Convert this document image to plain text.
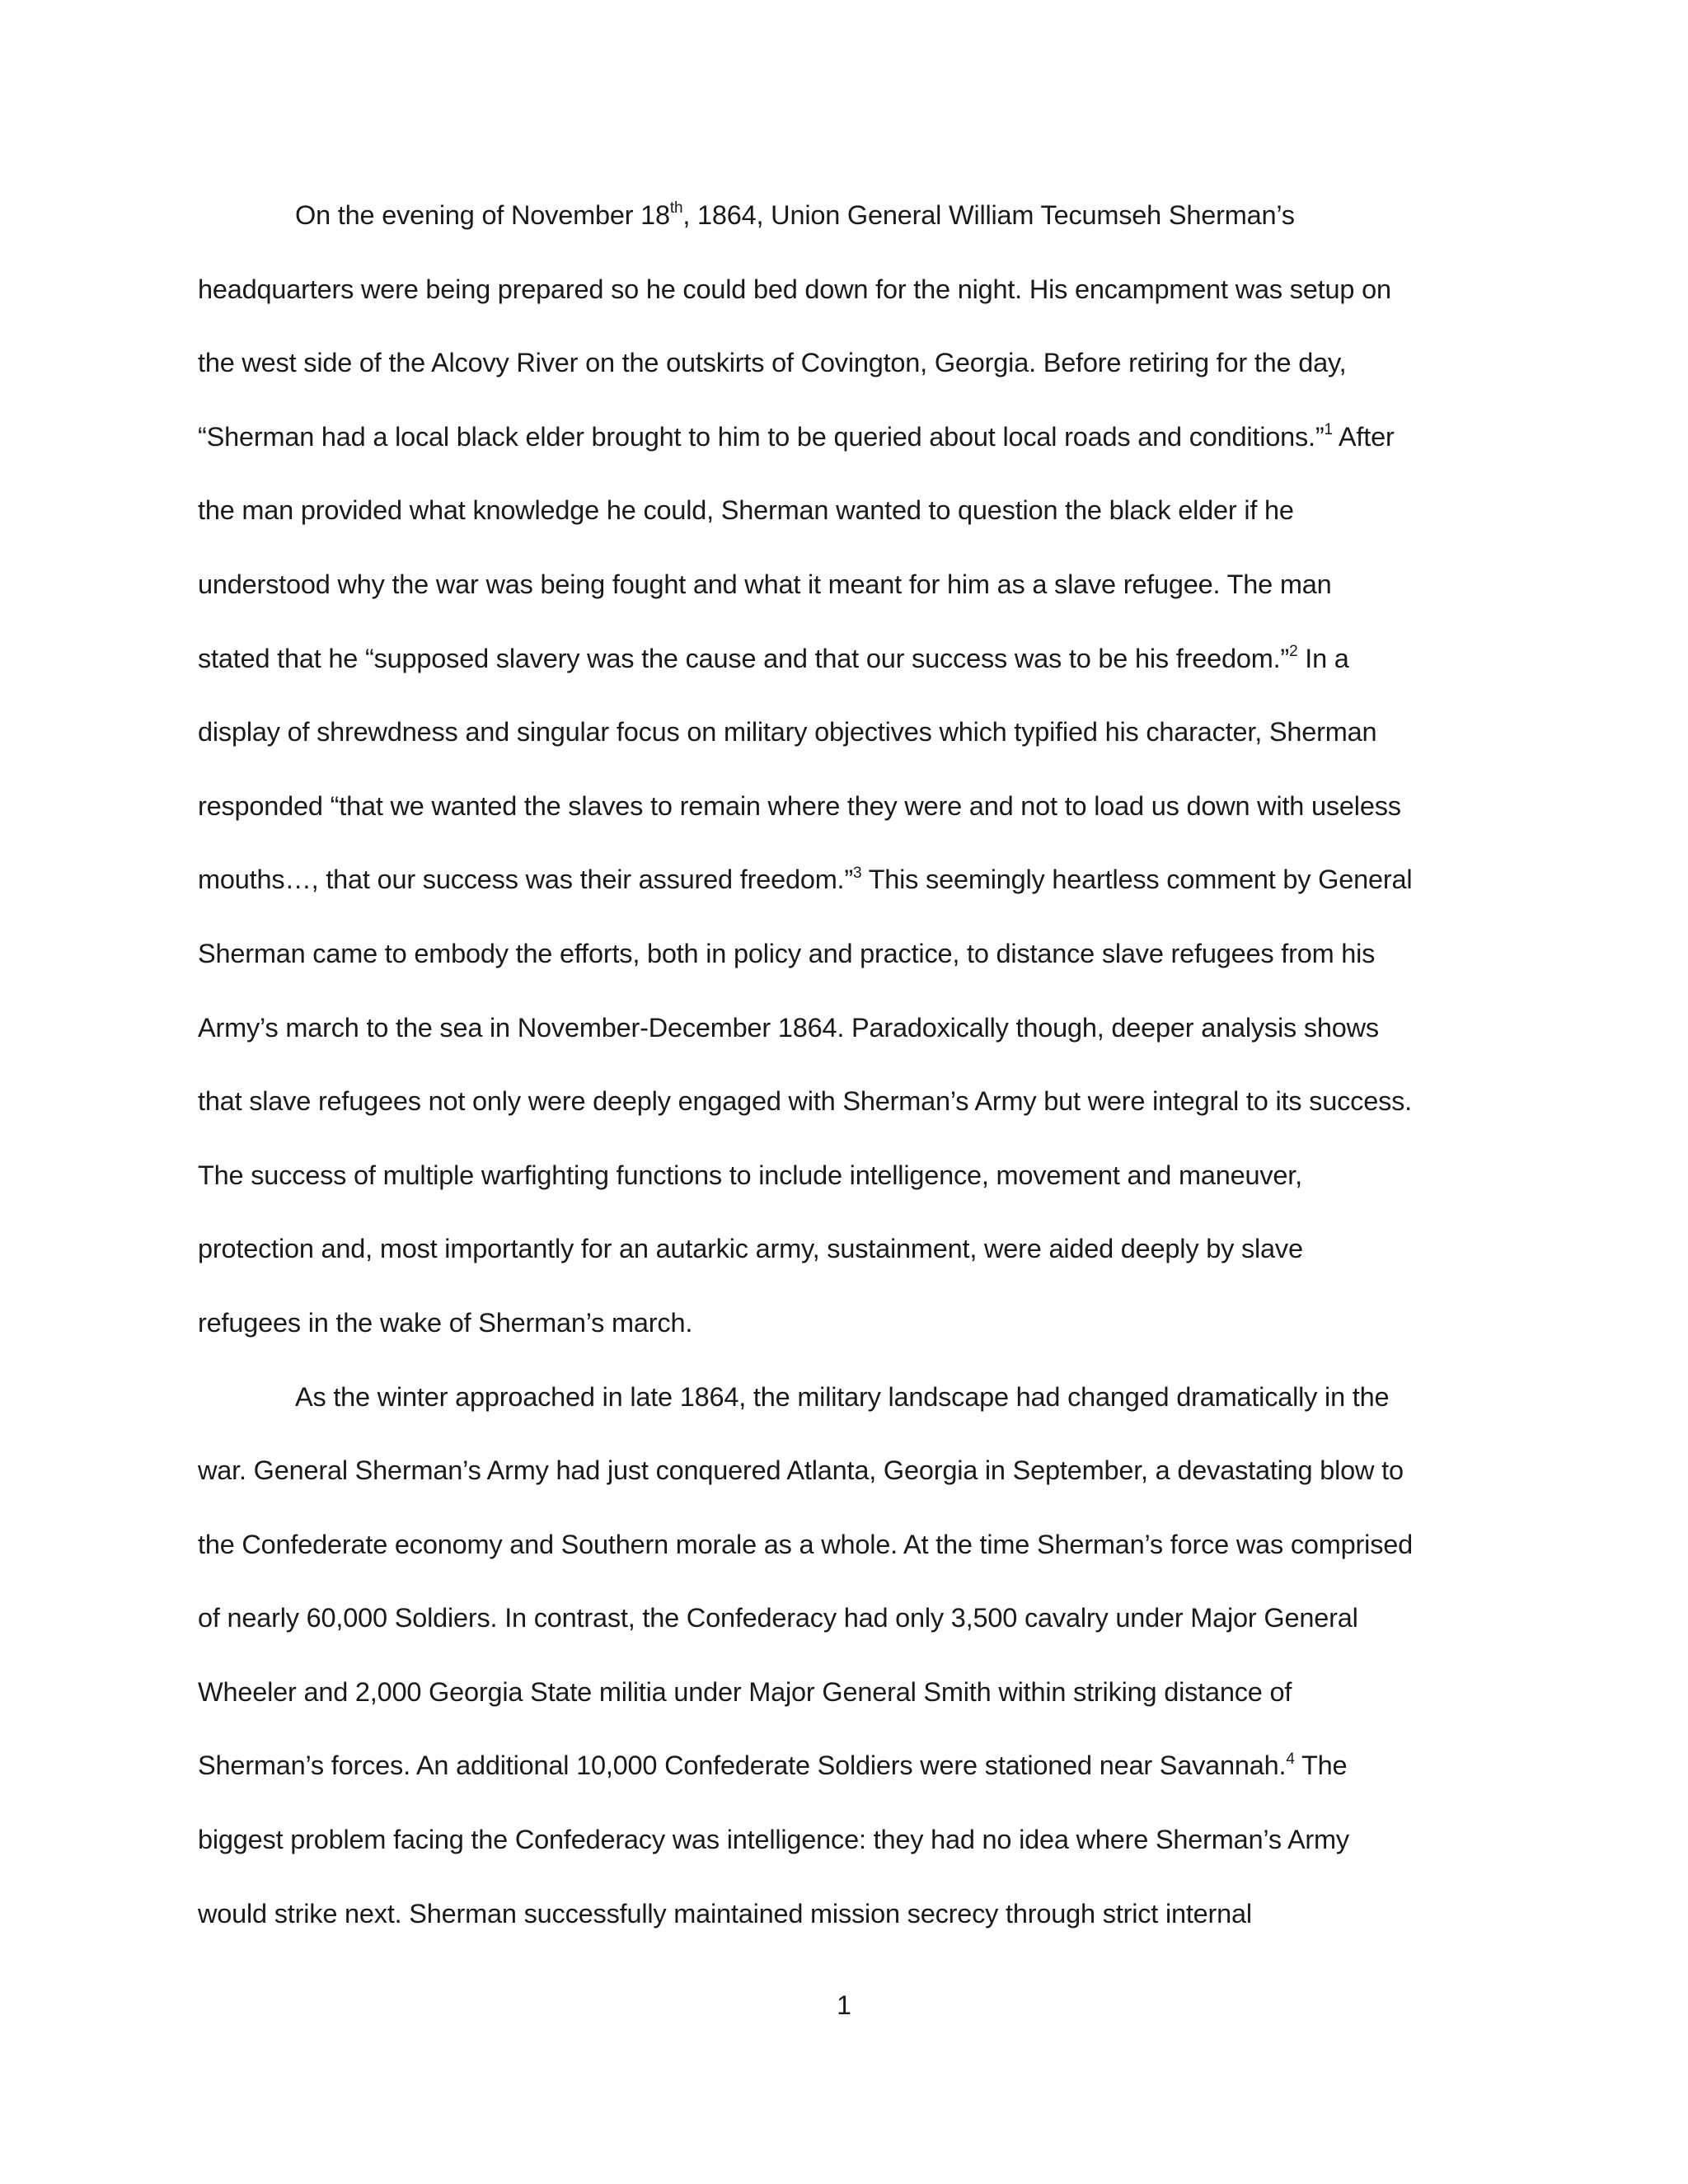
On the evening of November 18th, 1864, Union General William Tecumseh Sherman’s
headquarters were being prepared so he could bed down for the night. His encampment was setup on
the west side of the Alcovy River on the outskirts of Covington, Georgia. Before retiring for the day,
“Sherman had a local black elder brought to him to be queried about local roads and conditions.”$^1$ After
the man provided what knowledge he could, Sherman wanted to question the black elder if he
understood why the war was being fought and what it meant for him as a slave refugee. The man
stated that he “supposed slavery was the cause and that our success was to be his freedom.”$^2$ In a
display of shrewdness and singular focus on military objectives which typified his character, Sherman
responded “that we wanted the slaves to remain where they were and not to load us down with useless
mouths…, that our success was their assured freedom.”$^3$ This seemingly heartless comment by General
Sherman came to embody the efforts, both in policy and practice, to distance slave refugees from his
Army’s march to the sea in November-December 1864. Paradoxically though, deeper analysis shows
that slave refugees not only were deeply engaged with Sherman’s Army but were integral to its success.
The success of multiple warfighting functions to include intelligence, movement and maneuver,
protection and, most importantly for an autarkic army, sustainment, were aided deeply by slave
refugees in the wake of Sherman’s march.
As the winter approached in late 1864, the military landscape had changed dramatically in the
war. General Sherman’s Army had just conquered Atlanta, Georgia in September, a devastating blow to
the Confederate economy and Southern morale as a whole. At the time Sherman’s force was comprised
of nearly 60,000 Soldiers. In contrast, the Confederacy had only 3,500 cavalry under Major General
Wheeler and 2,000 Georgia State militia under Major General Smith within striking distance of
Sherman’s forces. An additional 10,000 Confederate Soldiers were stationed near Savannah.$^4$ The
biggest problem facing the Confederacy was intelligence: they had no idea where Sherman’s Army
would strike next. Sherman successfully maintained mission secrecy through strict internal
1
